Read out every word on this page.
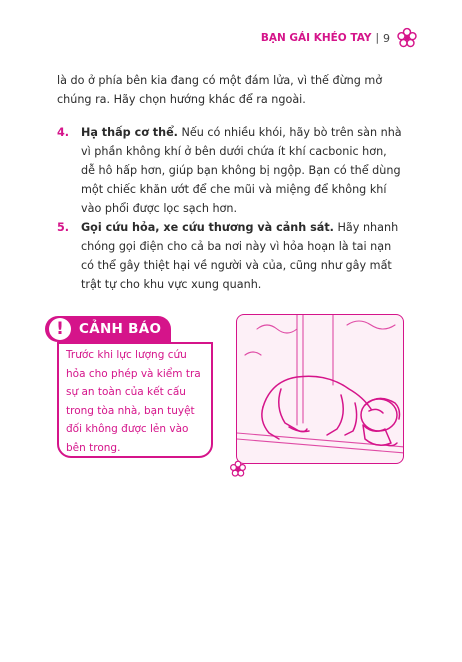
BẠN GÁI KHÉO TAY | 9
là do ở phía bên kia đang có một đám lửa, vì thế đừng mở chúng ra. Hãy chọn hướng khác để ra ngoài.
4. Hạ thấp cơ thể. Nếu có nhiều khói, hãy bò trên sàn nhà vì phần không khí ở bên dưới chứa ít khí cacbonic hơn, dễ hô hấp hơn, giúp bạn không bị ngộp. Bạn có thể dùng một chiếc khăn ướt để che mũi và miệng để không khí vào phổi được lọc sạch hơn.
5. Gọi cứu hỏa, xe cứu thương và cảnh sát. Hãy nhanh chóng gọi điện cho cả ba nơi này vì hỏa hoạn là tai nạn có thể gây thiệt hại về người và của, cũng như gây mất trật tự cho khu vực xung quanh.
!	CẢNH BÁO
Trước khi lực lượng cứu hỏa cho phép và kiểm tra sự an toàn của kết cấu trong tòa nhà, bạn tuyệt đối không được lẻn vào bên trong.
